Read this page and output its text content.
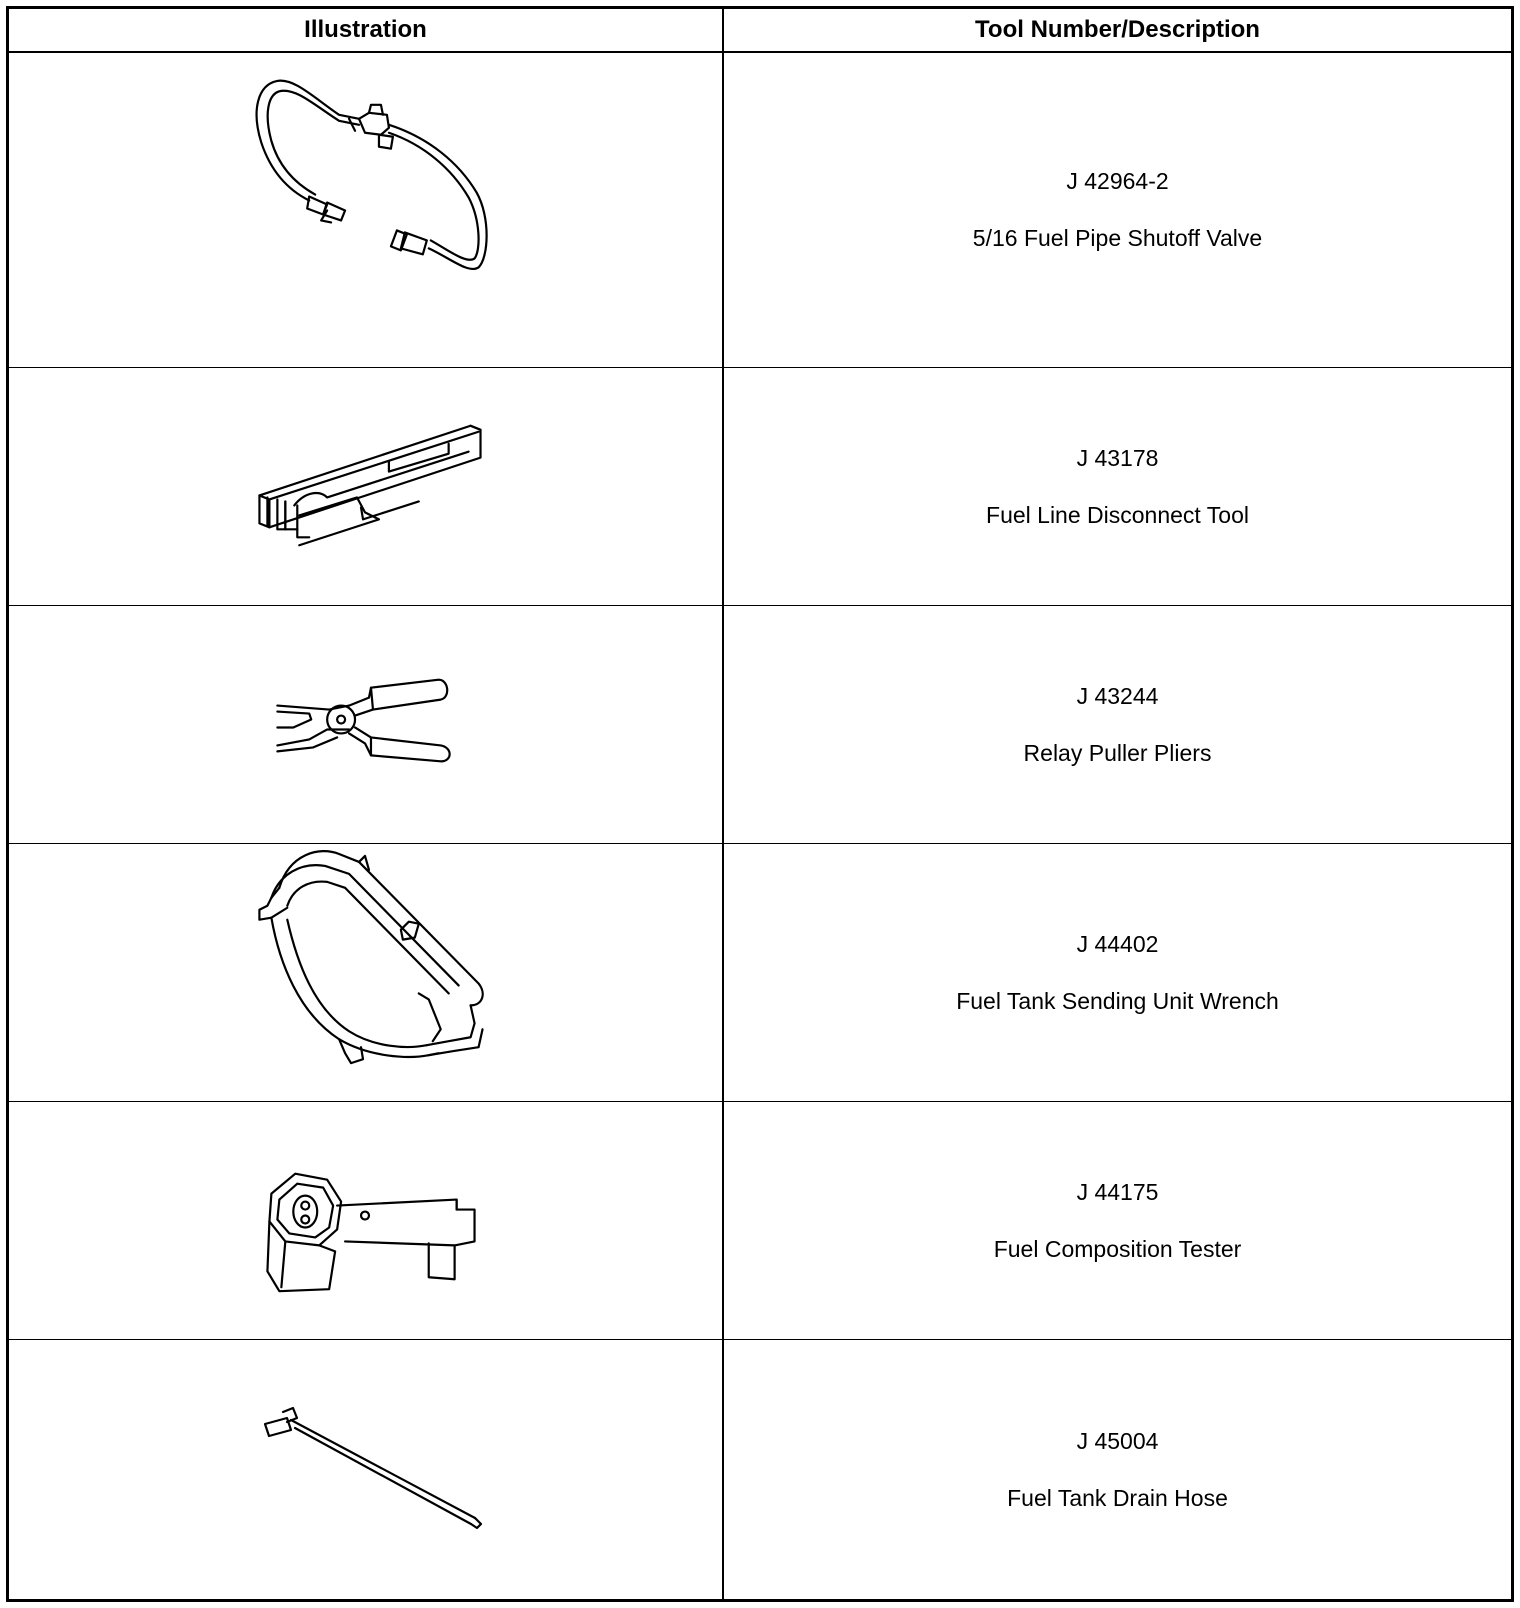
Illustration	Tool Number/Description
J 42964-2
5/16 Fuel Pipe Shutoff Valve
J 43178
Fuel Line Disconnect Tool
J 43244
Relay Puller Pliers
J 44402
Fuel Tank Sending Unit Wrench
J 44175
Fuel Composition Tester
J 45004
Fuel Tank Drain Hose
